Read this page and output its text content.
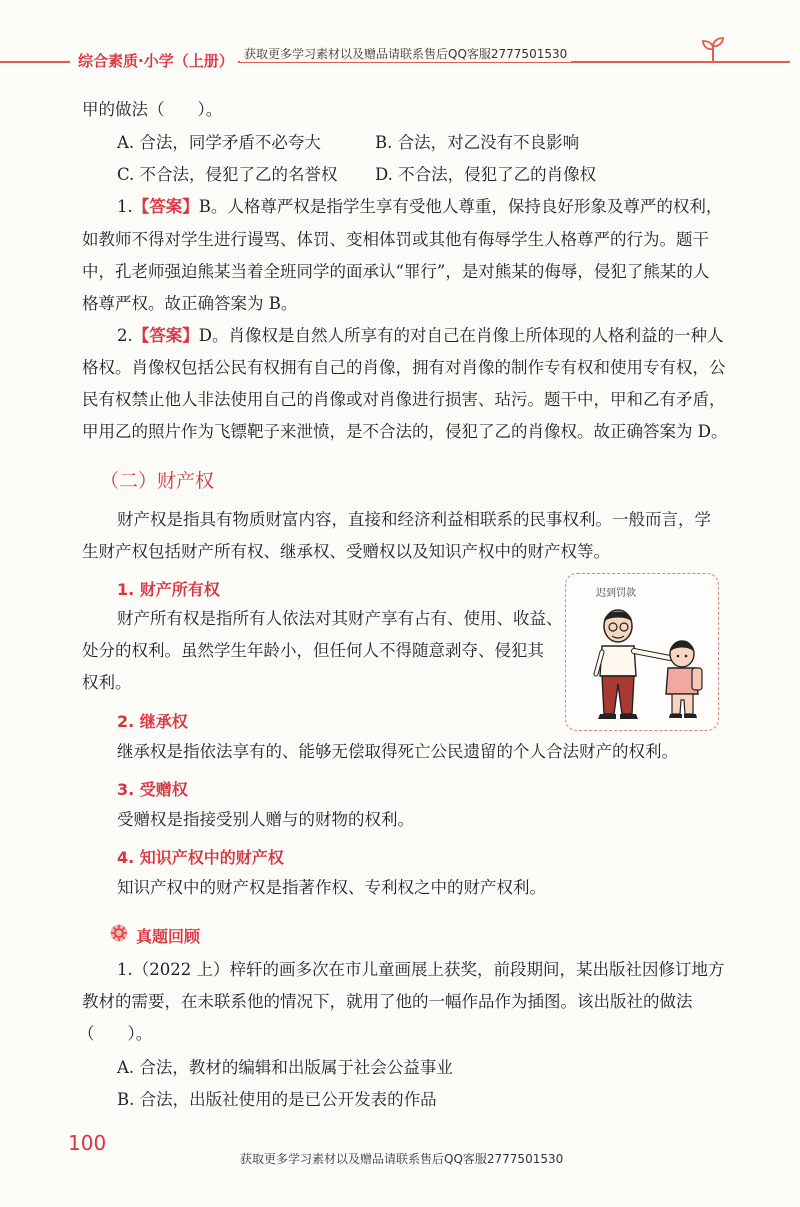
综合素质·小学（上册） 获取更多学习素材以及赠品请联系售后QQ客服2777501530
甲的做法（　　）。
A. 合法，同学矛盾不必夸大	B. 合法，对乙没有不良影响
C. 不合法，侵犯了乙的名誉权 D. 不合法，侵犯了乙的肖像权
1.【答案】B。人格尊严权是指学生享有受他人尊重，保持良好形象及尊严的权利，
如教师不得对学生进行谩骂、体罚、变相体罚或其他有侮辱学生人格尊严的行为。题干
中，孔老师强迫熊某当着全班同学的面承认“罪行”，是对熊某的侮辱，侵犯了熊某的人
格尊严权。故正确答案为 B。
2.【答案】D。肖像权是自然人所享有的对自己在肖像上所体现的人格利益的一种人
格权。肖像权包括公民有权拥有自己的肖像，拥有对肖像的制作专有权和使用专有权，公
民有权禁止他人非法使用自己的肖像或对肖像进行损害、玷污。题干中，甲和乙有矛盾，
甲用乙的照片作为飞镖靶子来泄愤，是不合法的，侵犯了乙的肖像权。故正确答案为 D。
（二）财产权
财产权是指具有物质财富内容，直接和经济利益相联系的民事权利。一般而言，学
生财产权包括财产所有权、继承权、受赠权以及知识产权中的财产权等。
1. 财产所有权
财产所有权是指所有人依法对其财产享有占有、使用、收益、
处分的权利。虽然学生年龄小，但任何人不得随意剥夺、侵犯其
权利。
迟到罚款
2. 继承权
继承权是指依法享有的、能够无偿取得死亡公民遗留的个人合法财产的权利。
3. 受赠权
受赠权是指接受别人赠与的财物的权利。
4. 知识产权中的财产权
知识产权中的财产权是指著作权、专利权之中的财产权利。
真题回顾
1.（2022 上）梓轩的画多次在市儿童画展上获奖，前段期间，某出版社因修订地方
教材的需要，在未联系他的情况下，就用了他的一幅作品作为插图。该出版社的做法
（　　）。
A. 合法，教材的编辑和出版属于社会公益事业
B. 合法，出版社使用的是已公开发表的作品
100
获取更多学习素材以及赠品请联系售后QQ客服2777501530
